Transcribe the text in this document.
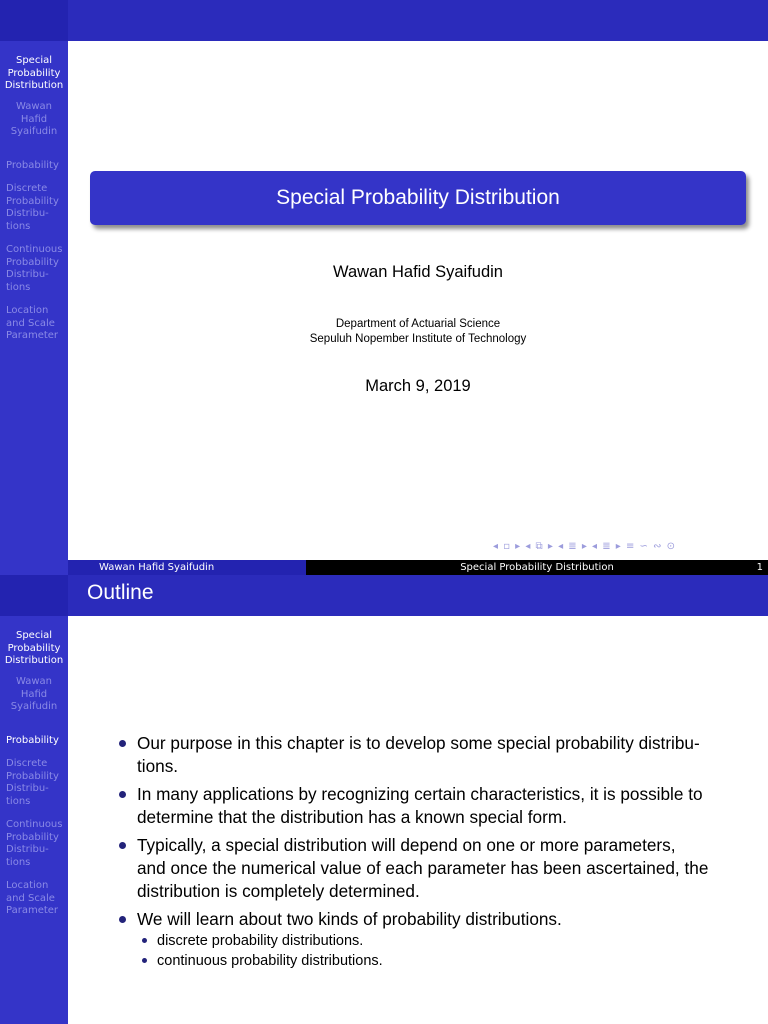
Special
Probability
Distribution
Wawan
Hafid
Syaifudin
Probability
Discrete
Probability
Distribu-
tions
Continuous
Probability
Distribu-
tions
Location
and Scale
Parameter
Special Probability Distribution
Wawan Hafid Syaifudin
Department of Actuarial Science
Sepuluh Nopember Institute of Technology
March 9, 2019
◂ ▫ ▸ ◂ ⧉ ▸ ◂ ≣ ▸ ◂ ≣ ▸ ≡ ∽ ∾ ⊙
Wawan Hafid Syaifudin	Special Probability Distribution	1
Outline
Special
Probability
Distribution
Wawan
Hafid
Syaifudin
Probability
Discrete
Probability
Distribu-
tions
Continuous
Probability
Distribu-
tions
Location
and Scale
Parameter
Our purpose in this chapter is to develop some special probability distribu-
tions.
In many applications by recognizing certain characteristics, it is possible to
determine that the distribution has a known special form.
Typically, a special distribution will depend on one or more parameters,
and once the numerical value of each parameter has been ascertained, the
distribution is completely determined.
We will learn about two kinds of probability distributions.
discrete probability distributions.
continuous probability distributions.
